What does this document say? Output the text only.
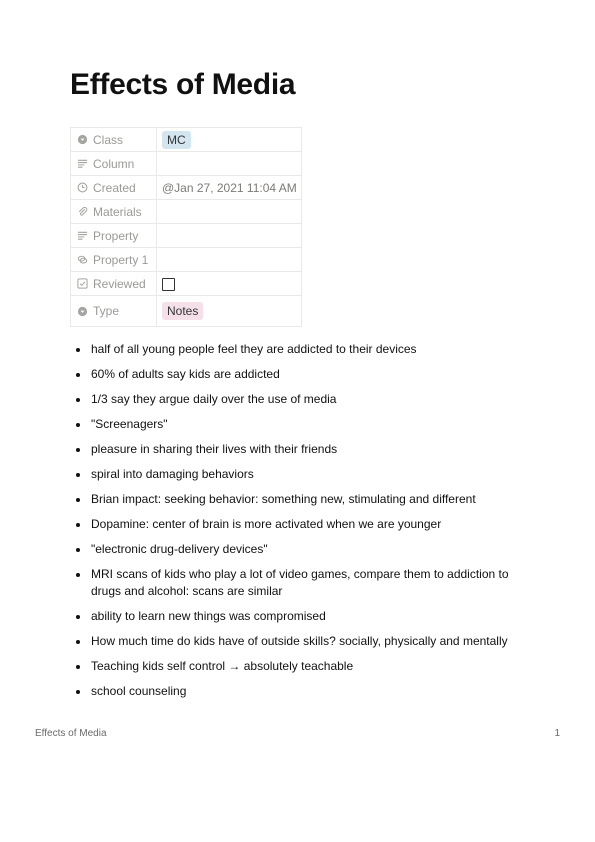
Effects of Media
Class	MC

Column	

Created	@Jan 27, 2021 11:04 AM

Materials	

Property	

Property 1	

Reviewed	

Type	Notes
half of all young people feel they are addicted to their devices
60% of adults say kids are addicted
1/3 say they argue daily over the use of media
"Screenagers"
pleasure in sharing their lives with their friends
spiral into damaging behaviors
Brian impact: seeking behavior: something new, stimulating and different
Dopamine: center of brain is more activated when we are younger
"electronic drug-delivery devices"
MRI scans of kids who play a lot of video games, compare them to addiction to drugs and alcohol: scans are similar
ability to learn new things was compromised
How much time do kids have of outside skills? socially, physically and mentally
Teaching kids self control → absolutely teachable
school counseling
Effects of Media	1
